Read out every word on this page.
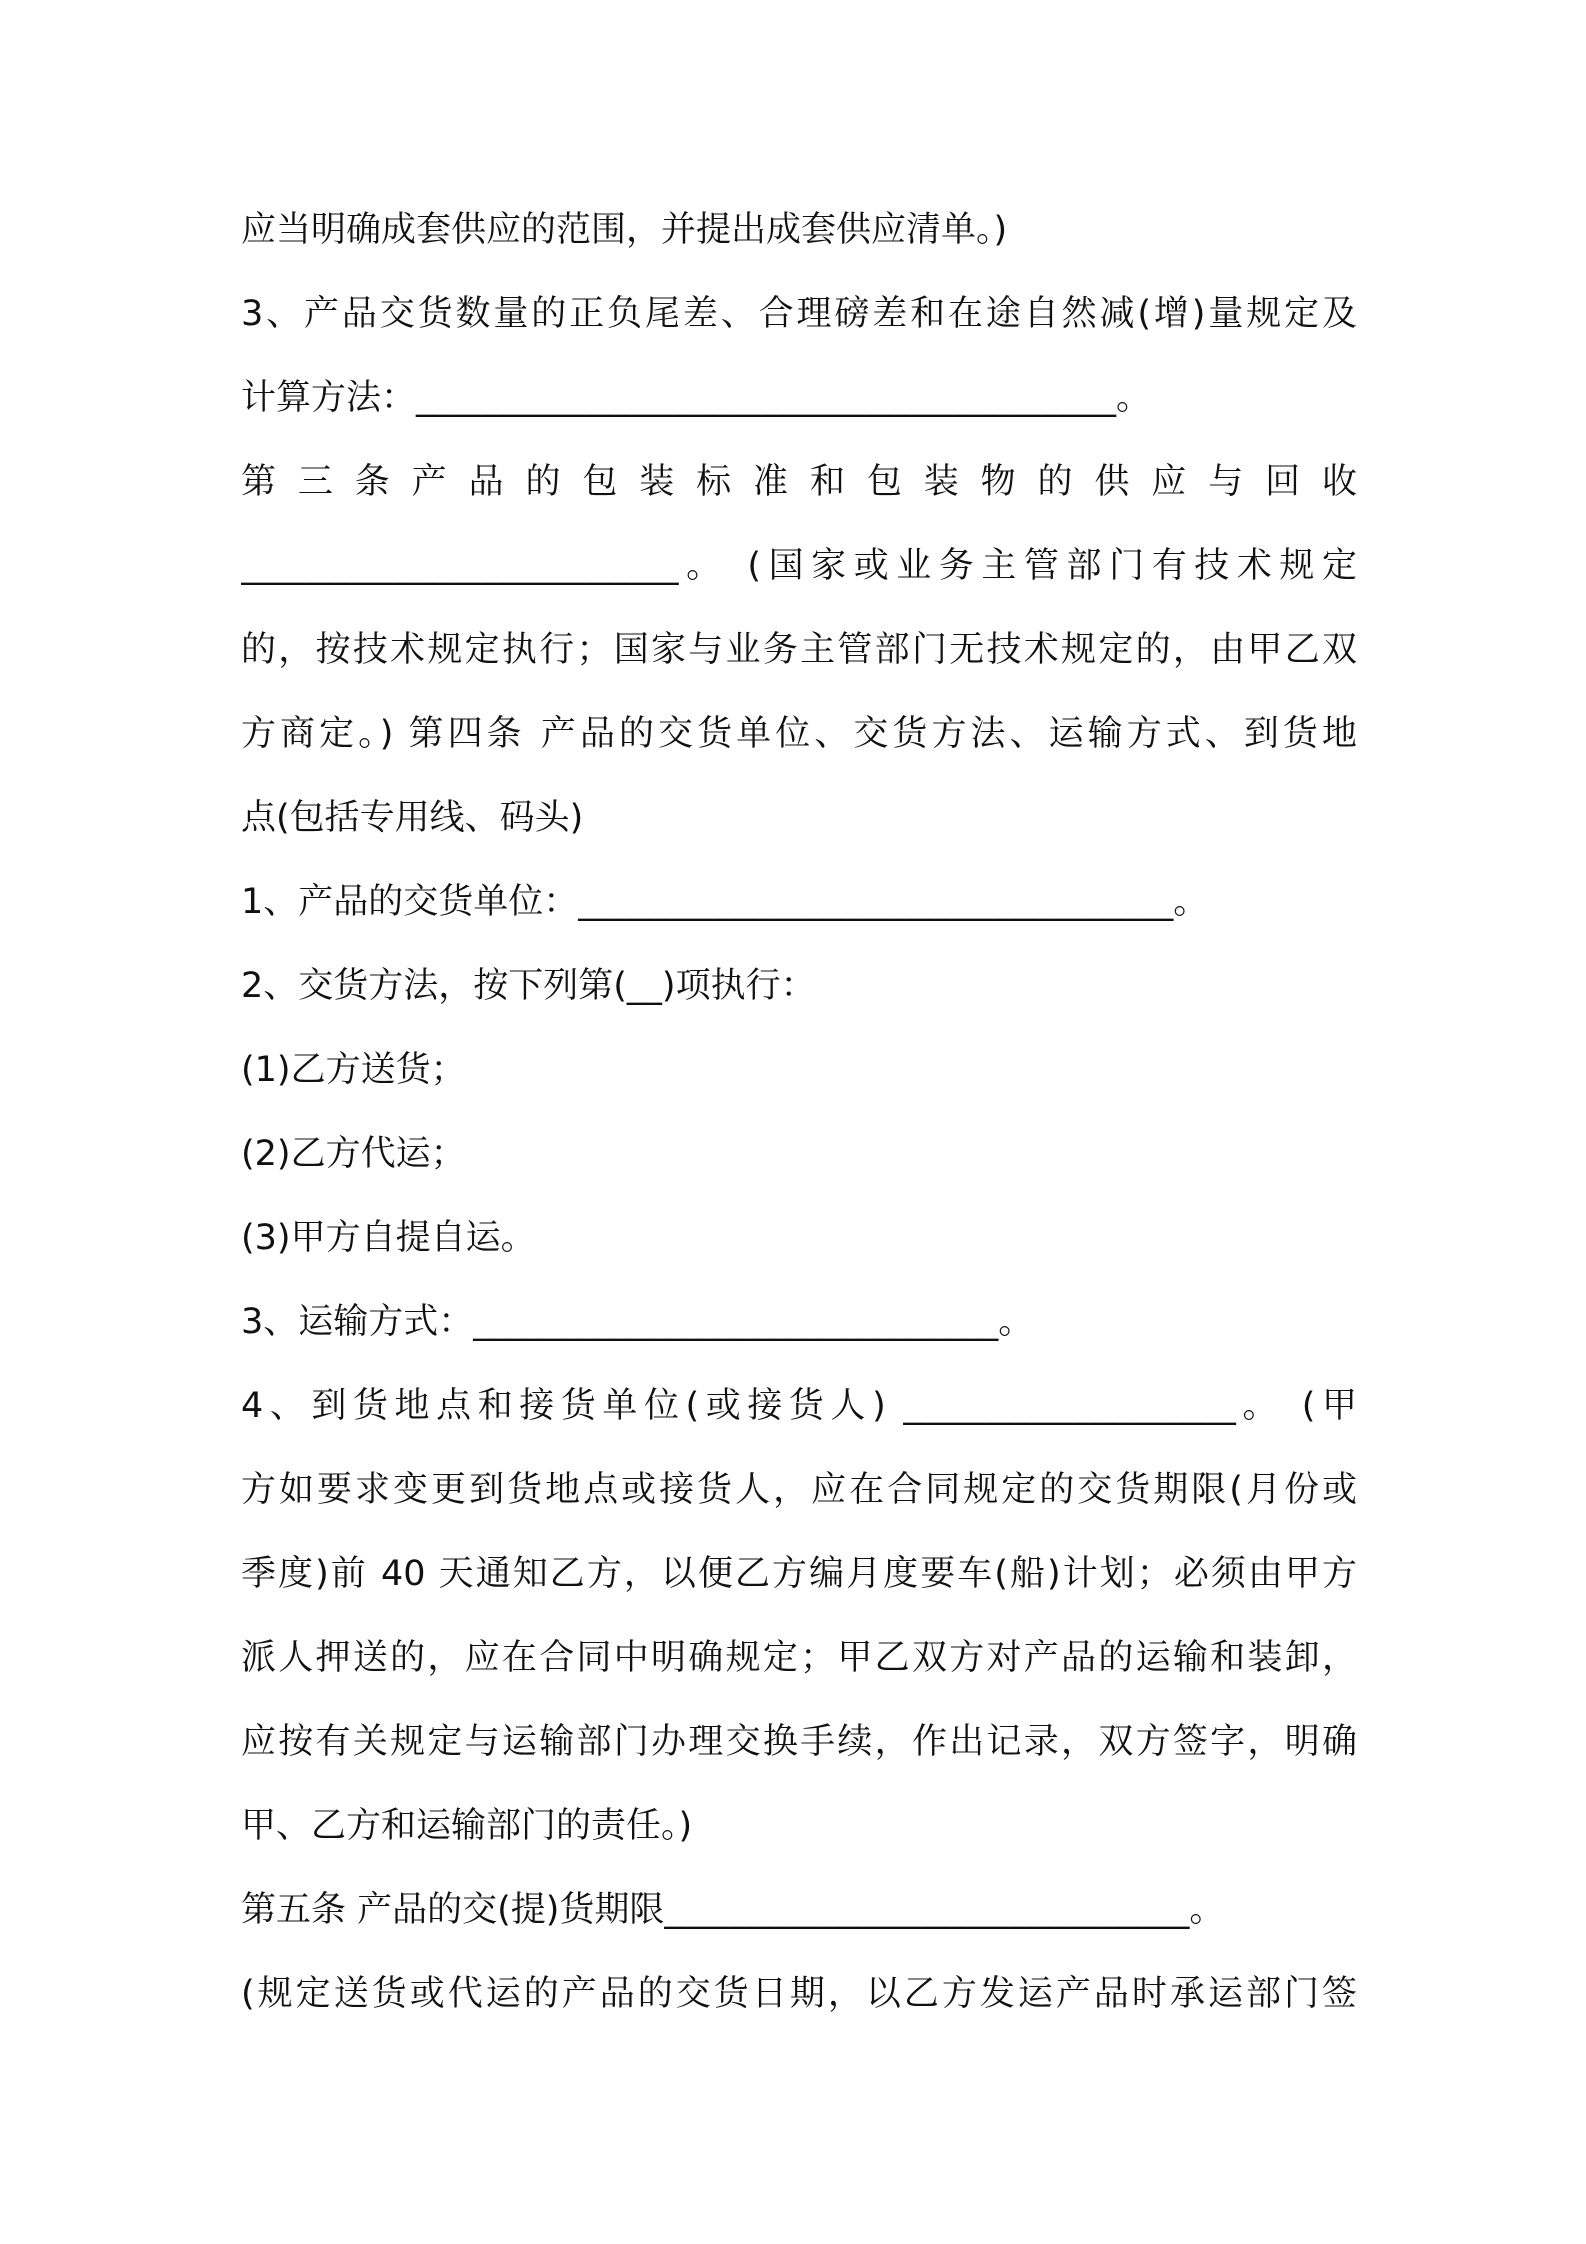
应当明确成套供应的范围，并提出成套供应清单。)
3、产品交货数量的正负尾差、合理磅差和在途自然减(增)量规定及
计算方法：________________________________________。
第 三 条 产 品 的 包 装 标 准 和 包 装 物 的 供 应 与 回 收
_________________________。 (国家或业务主管部门有技术规定
的，按技术规定执行；国家与业务主管部门无技术规定的，由甲乙双
方商定。) 第四条 产品的交货单位、交货方法、运输方式、到货地
点(包括专用线、码头)
1、产品的交货单位：__________________________________。
2、交货方法，按下列第(__)项执行：
(1)乙方送货；
(2)乙方代运；
(3)甲方自提自运。
3、运输方式：______________________________。
4、到货地点和接货单位(或接货人) ___________________。 (甲
方如要求变更到货地点或接货人，应在合同规定的交货期限(月份或
季度)前 40 天通知乙方，以便乙方编月度要车(船)计划；必须由甲方
派人押送的，应在合同中明确规定；甲乙双方对产品的运输和装卸，
应按有关规定与运输部门办理交换手续，作出记录，双方签字，明确
甲、乙方和运输部门的责任。)
第五条 产品的交(提)货期限______________________________。
(规定送货或代运的产品的交货日期，以乙方发运产品时承运部门签
